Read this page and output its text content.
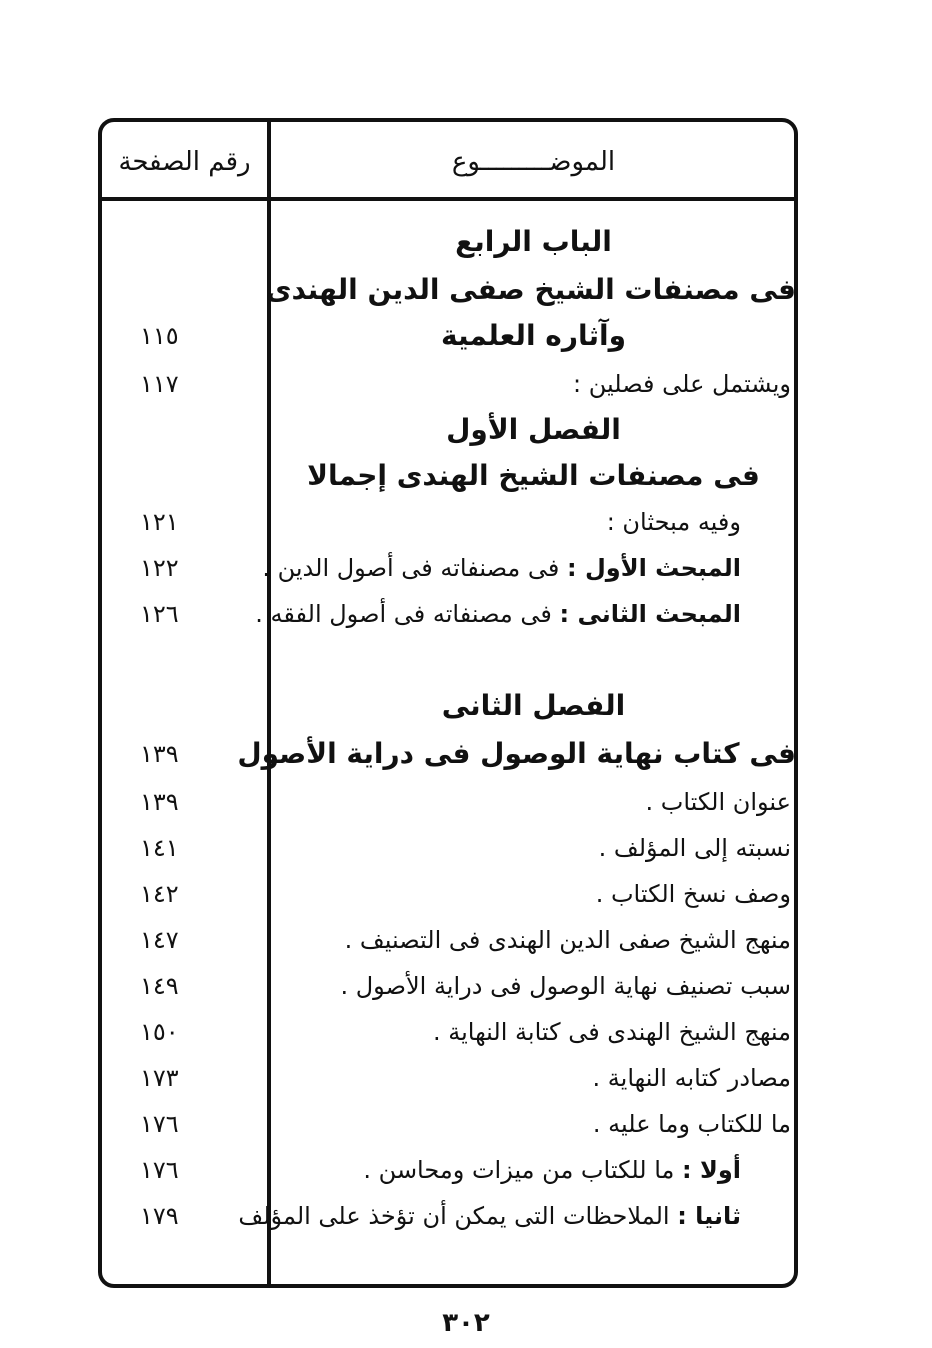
رقم الصفحة	الموضـــــــــوع
الباب الرابع
فى مصنفات الشيخ صفى الدين الهندى
وآثاره العلمية
١١٥
ويشتمل على فصلين :
١١٧
الفصل الأول
فى مصنفات الشيخ الهندى إجمالا
وفيه مبحثان :
١٢١
المبحث الأول : فى مصنفاته فى أصول الدين .
١٢٢
المبحث الثانى : فى مصنفاته فى أصول الفقه .
١٢٦
الفصل الثانى
فى كتاب نهاية الوصول فى دراية الأصول
١٣٩
عنوان الكتاب .
١٣٩
نسبته إلى المؤلف .
١٤١
وصف نسخ الكتاب .
١٤٢
منهج الشيخ صفى الدين الهندى فى التصنيف .
١٤٧
سبب تصنيف نهاية الوصول فى دراية الأصول .
١٤٩
منهج الشيخ الهندى فى كتابة النهاية .
١٥٠
مصادر كتابه النهاية .
١٧٣
ما للكتاب وما عليه .
١٧٦
أولا : ما للكتاب من ميزات ومحاسن .
١٧٦
ثانيا : الملاحظات التى يمكن أن تؤخذ على المؤلف
١٧٩
٣٠٢
